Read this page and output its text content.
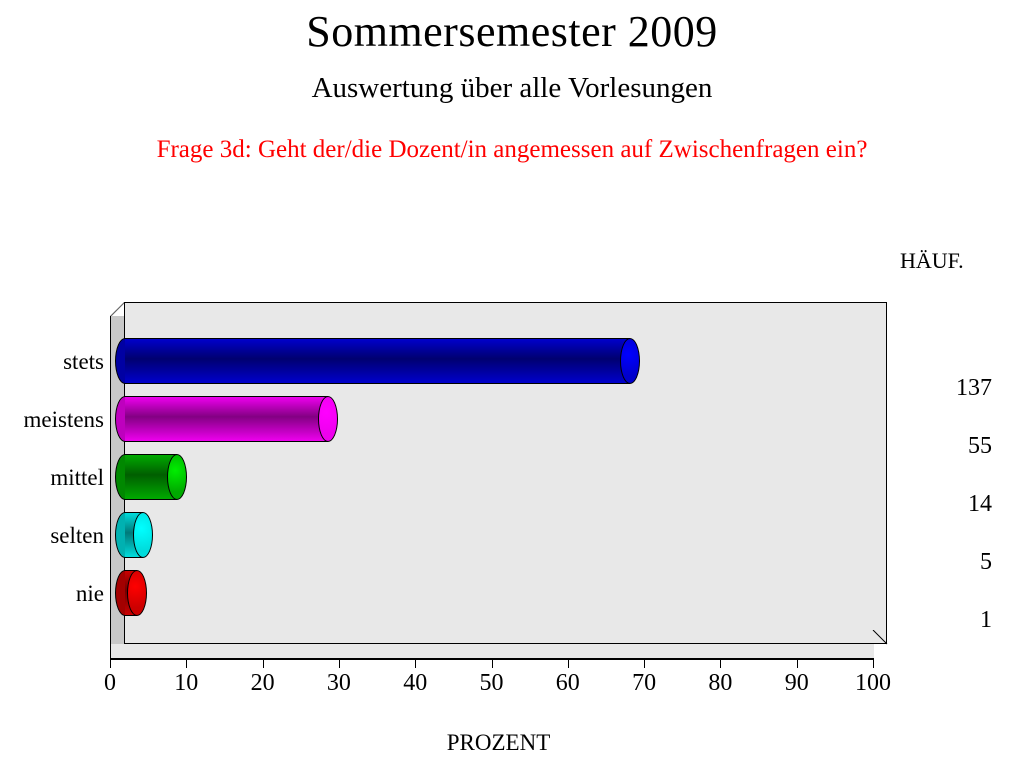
Sommersemester 2009
Auswertung über alle Vorlesungen
Frage 3d: Geht der/die Dozent/in angemessen auf Zwischenfragen ein?
HÄUF.
stets
meistens
mittel
selten
nie
0 10 20 30 40 50 60 70 80 90 100
PROZENT
137
55
14
5
1
